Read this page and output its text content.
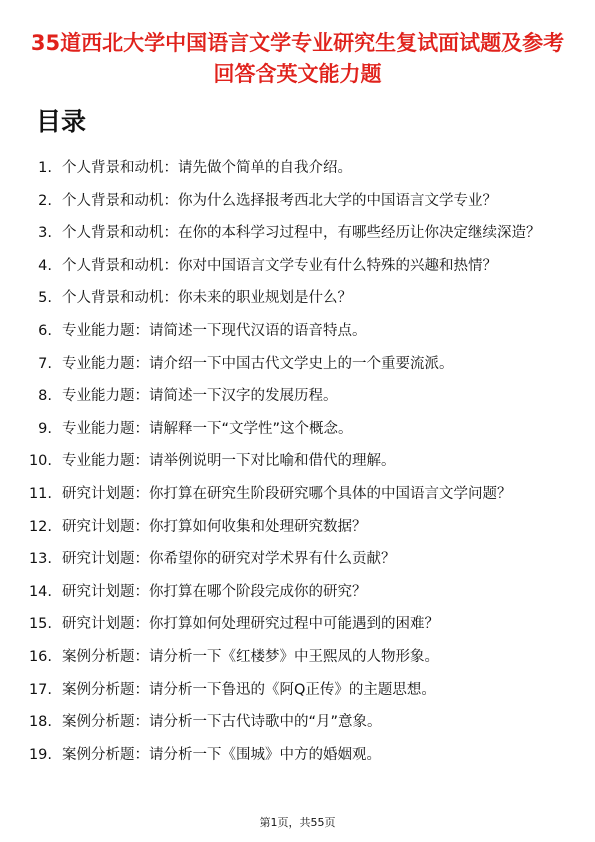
35道西北大学中国语言文学专业研究生复试面试题及参考回答含英文能力题
目录
1. 个人背景和动机：请先做个简单的自我介绍。
2. 个人背景和动机：你为什么选择报考西北大学的中国语言文学专业？
3. 个人背景和动机：在你的本科学习过程中，有哪些经历让你决定继续深造？
4. 个人背景和动机：你对中国语言文学专业有什么特殊的兴趣和热情？
5. 个人背景和动机：你未来的职业规划是什么？
6. 专业能力题：请简述一下现代汉语的语音特点。
7. 专业能力题：请介绍一下中国古代文学史上的一个重要流派。
8. 专业能力题：请简述一下汉字的发展历程。
9. 专业能力题：请解释一下“文学性”这个概念。
10. 专业能力题：请举例说明一下对比喻和借代的理解。
11. 研究计划题：你打算在研究生阶段研究哪个具体的中国语言文学问题？
12. 研究计划题：你打算如何收集和处理研究数据？
13. 研究计划题：你希望你的研究对学术界有什么贡献？
14. 研究计划题：你打算在哪个阶段完成你的研究？
15. 研究计划题：你打算如何处理研究过程中可能遇到的困难？
16. 案例分析题：请分析一下《红楼梦》中王熙凤的人物形象。
17. 案例分析题：请分析一下鲁迅的《阿Q正传》的主题思想。
18. 案例分析题：请分析一下古代诗歌中的“月”意象。
19. 案例分析题：请分析一下《围城》中方的婚姻观。
第1页，共55页
